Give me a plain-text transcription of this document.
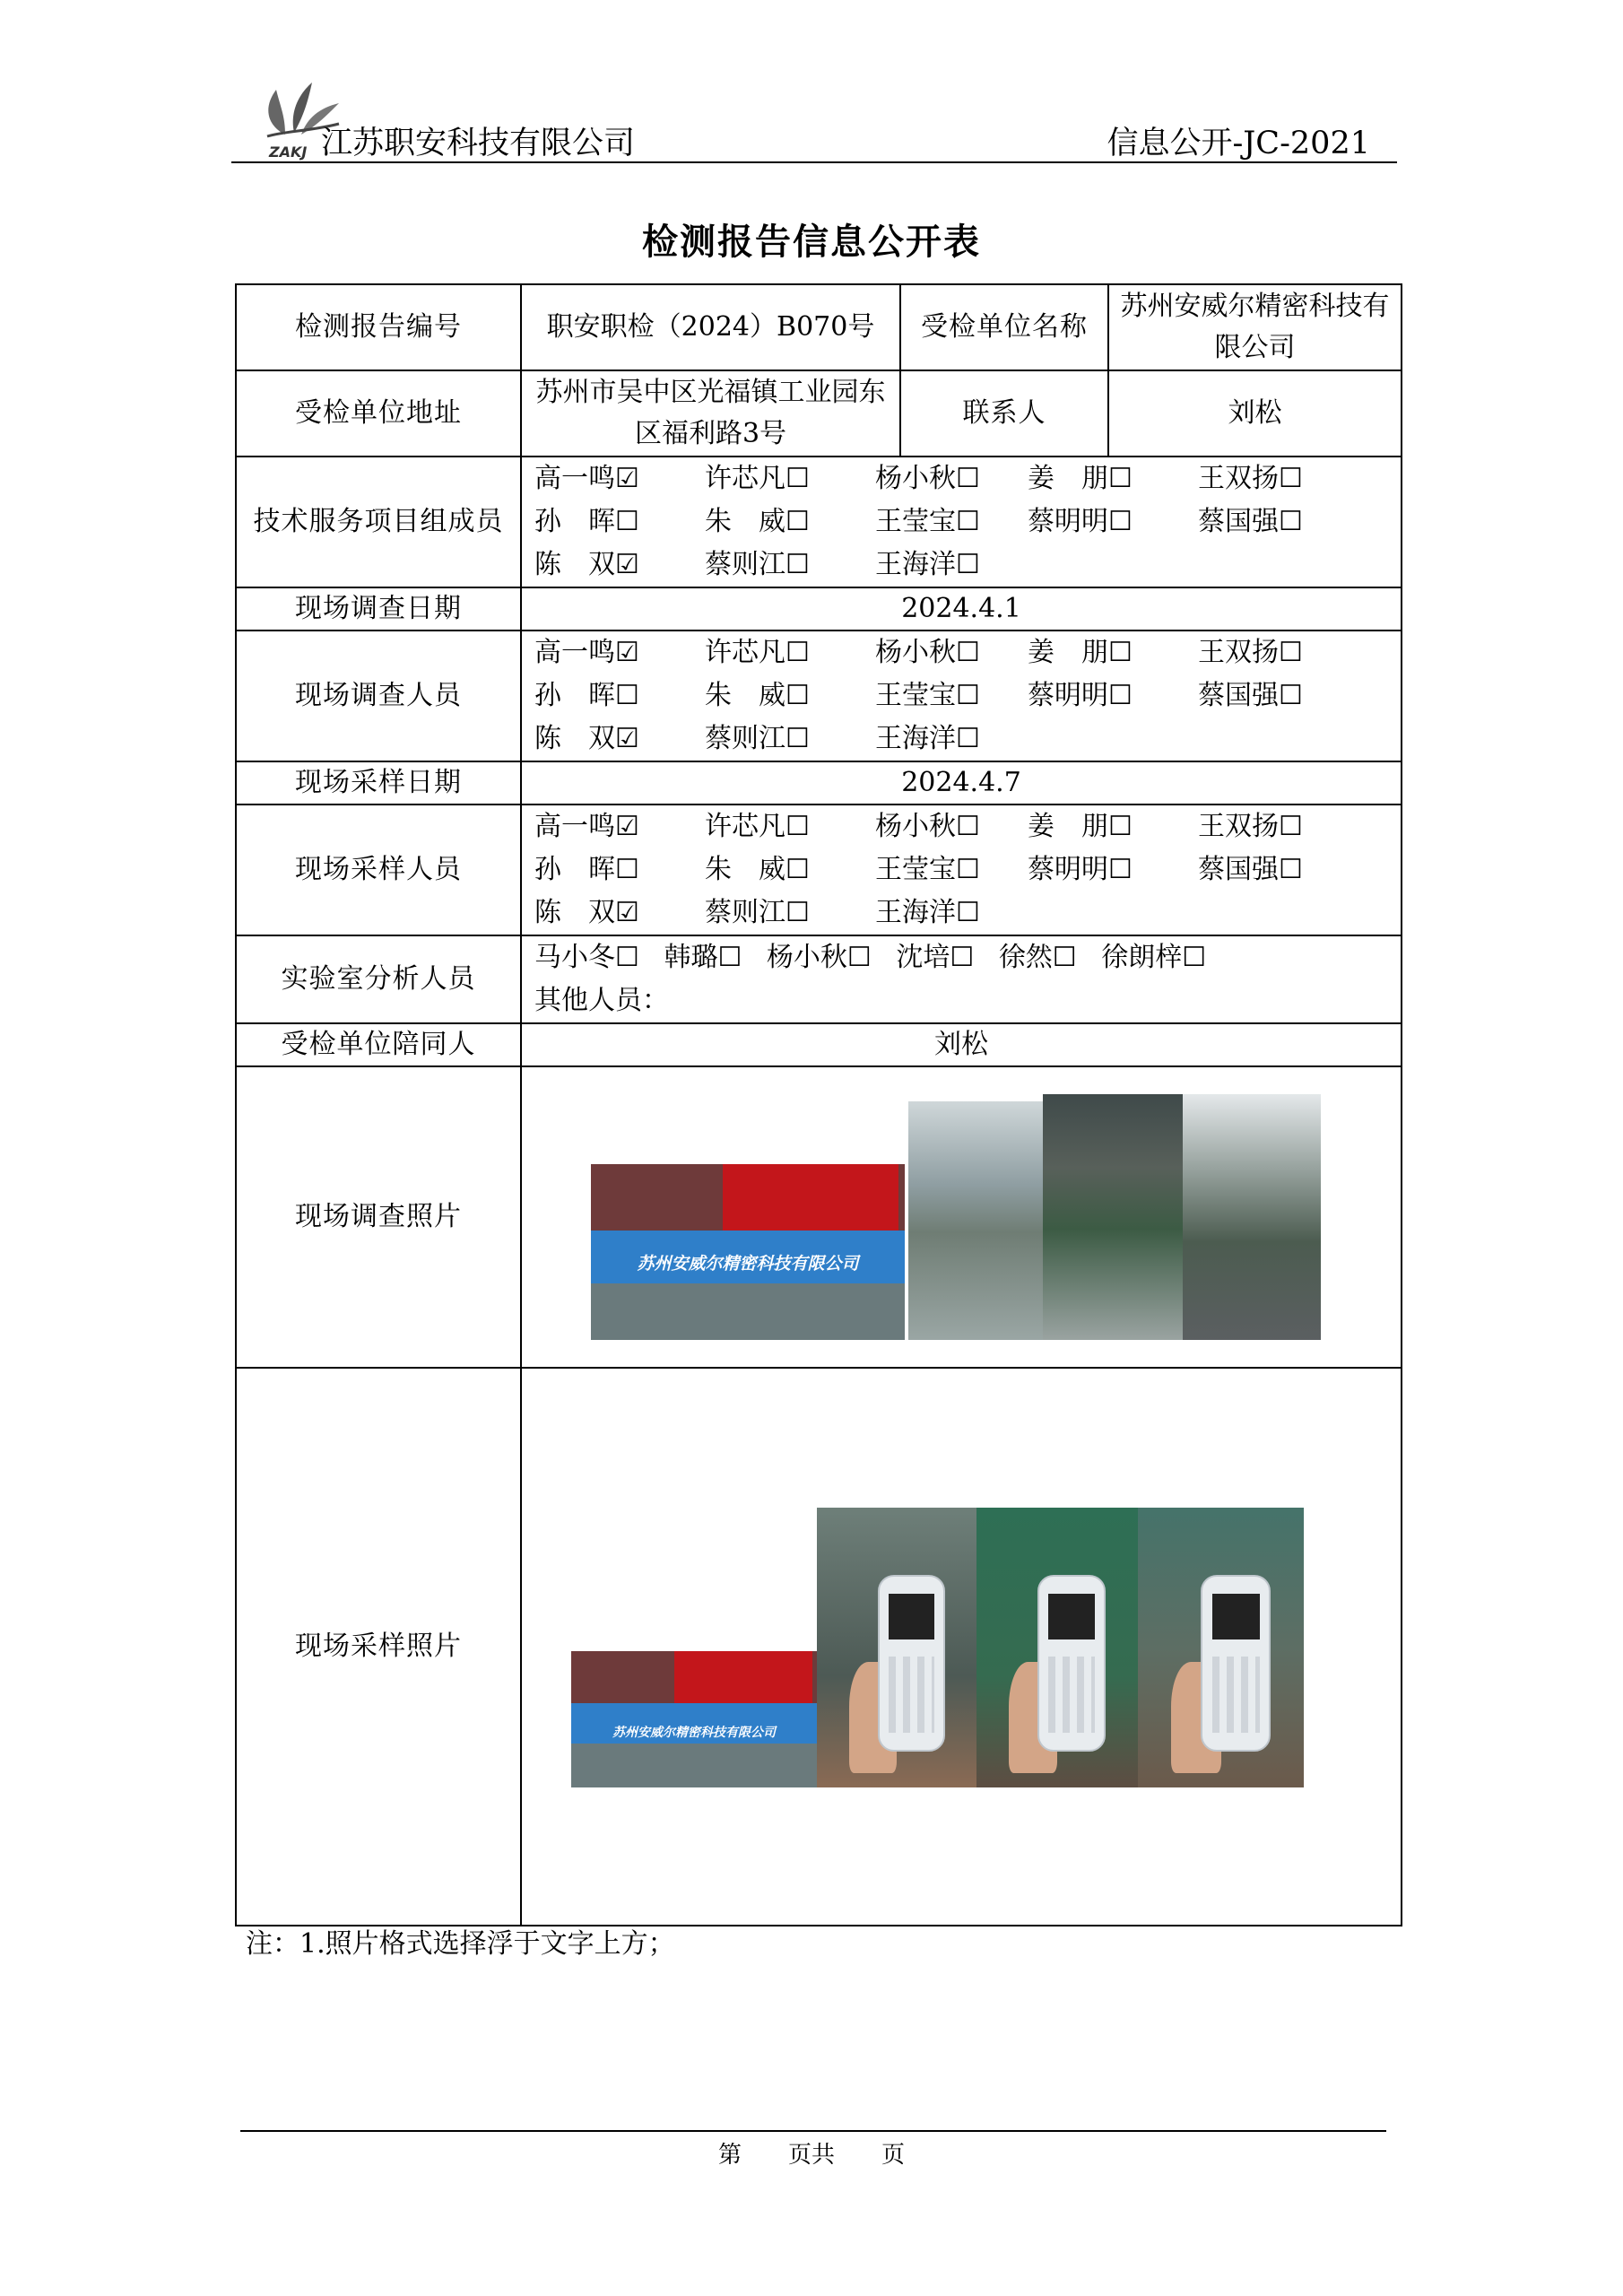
ZAKJ 江苏职安科技有限公司	信息公开-JC-2021
检测报告信息公开表
检测报告编号	职安职检（2024）B070号	受检单位名称	苏州安威尔精密科技有限公司
受检单位地址	苏州市吴中区光福镇工业园东区福利路3号	联系人	刘松
技术服务项目组成员	高一鸣☑ 许芯凡☐ 杨小秋☐ 姜　朋☐ 王双扬☐
孙　晖☐ 朱　威☐ 王莹宝☐ 蔡明明☐ 蔡国强☐
陈　双☑ 蔡则江☐ 王海洋☐		

现场调查日期	2024.4.1		
现场调查人员	高一鸣☑ 许芯凡☐ 杨小秋☐ 姜　朋☐ 王双扬☐
孙　晖☐ 朱　威☐ 王莹宝☐ 蔡明明☐ 蔡国强☐
陈　双☑ 蔡则江☐ 王海洋☐		

现场采样日期	2024.4.7		
现场采样人员	高一鸣☑ 许芯凡☐ 杨小秋☐ 姜　朋☐ 王双扬☐
孙　晖☐ 朱　威☐ 王莹宝☐ 蔡明明☐ 蔡国强☐
陈　双☑ 蔡则江☐ 王海洋☐		

实验室分析人员	马小冬☐ 韩璐☐ 杨小秋☐ 沈培☐ 徐然☐ 徐朗梓☐
其他人员：		

受检单位陪同人	刘松		
现场调查照片	苏州安威尔精密科技有限公司		

现场采样照片	苏州安威尔精密科技有限公司		
注：1.照片格式选择浮于文字上方；
第　　页共　　页
